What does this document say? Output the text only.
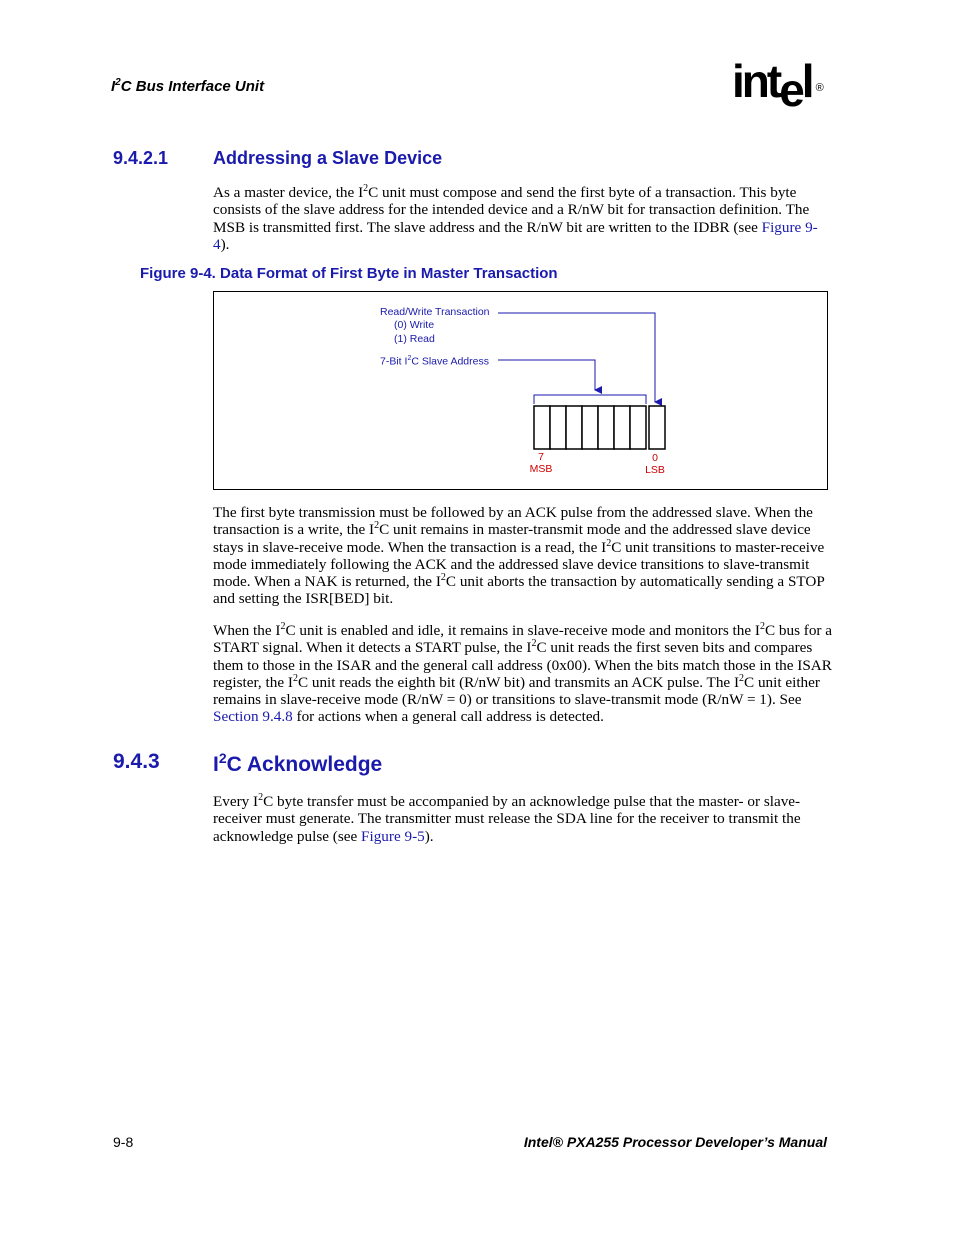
$I^2C$ Bus Interface Unit	intel ®
9.4.2.1 Addressing a Slave Device
As a master device, the $I^2C$ unit must compose and send the first byte of a transaction. This byte consists of the slave address for the intended device and a R/nW bit for transaction definition. The MSB is transmitted first. The slave address and the R/nW bit are written to the IDBR (see Figure 9-4).
Figure 9-4. Data Format of First Byte in Master Transaction
Read/Write Transaction
(0) Write
(1) Read
7-Bit $I^2C$ Slave Address
7
MSB
0
LSB
The first byte transmission must be followed by an ACK pulse from the addressed slave. When the transaction is a write, the $I^2C$ unit remains in master-transmit mode and the addressed slave device stays in slave-receive mode. When the transaction is a read, the $I^2C$ unit transitions to master-receive mode immediately following the ACK and the addressed slave device transitions to slave-transmit mode. When a NAK is returned, the $I^2C$ unit aborts the transaction by automatically sending a STOP and setting the ISR[BED] bit.
When the $I^2C$ unit is enabled and idle, it remains in slave-receive mode and monitors the $I^2C$ bus for a START signal. When it detects a START pulse, the $I^2C$ unit reads the first seven bits and compares them to those in the ISAR and the general call address (0x00). When the bits match those in the ISAR register, the $I^2C$ unit reads the eighth bit (R/nW bit) and transmits an ACK pulse. The $I^2C$ unit either remains in slave-receive mode (R/nW = 0) or transitions to slave-transmit mode (R/nW = 1). See Section 9.4.8 for actions when a general call address is detected.
9.4.3	$I^2C$ Acknowledge
Every $I^2C$ byte transfer must be accompanied by an acknowledge pulse that the master- or slave-receiver must generate. The transmitter must release the SDA line for the receiver to transmit the acknowledge pulse (see Figure 9-5).
9-8	Intel® PXA255 Processor Developer’s Manual
